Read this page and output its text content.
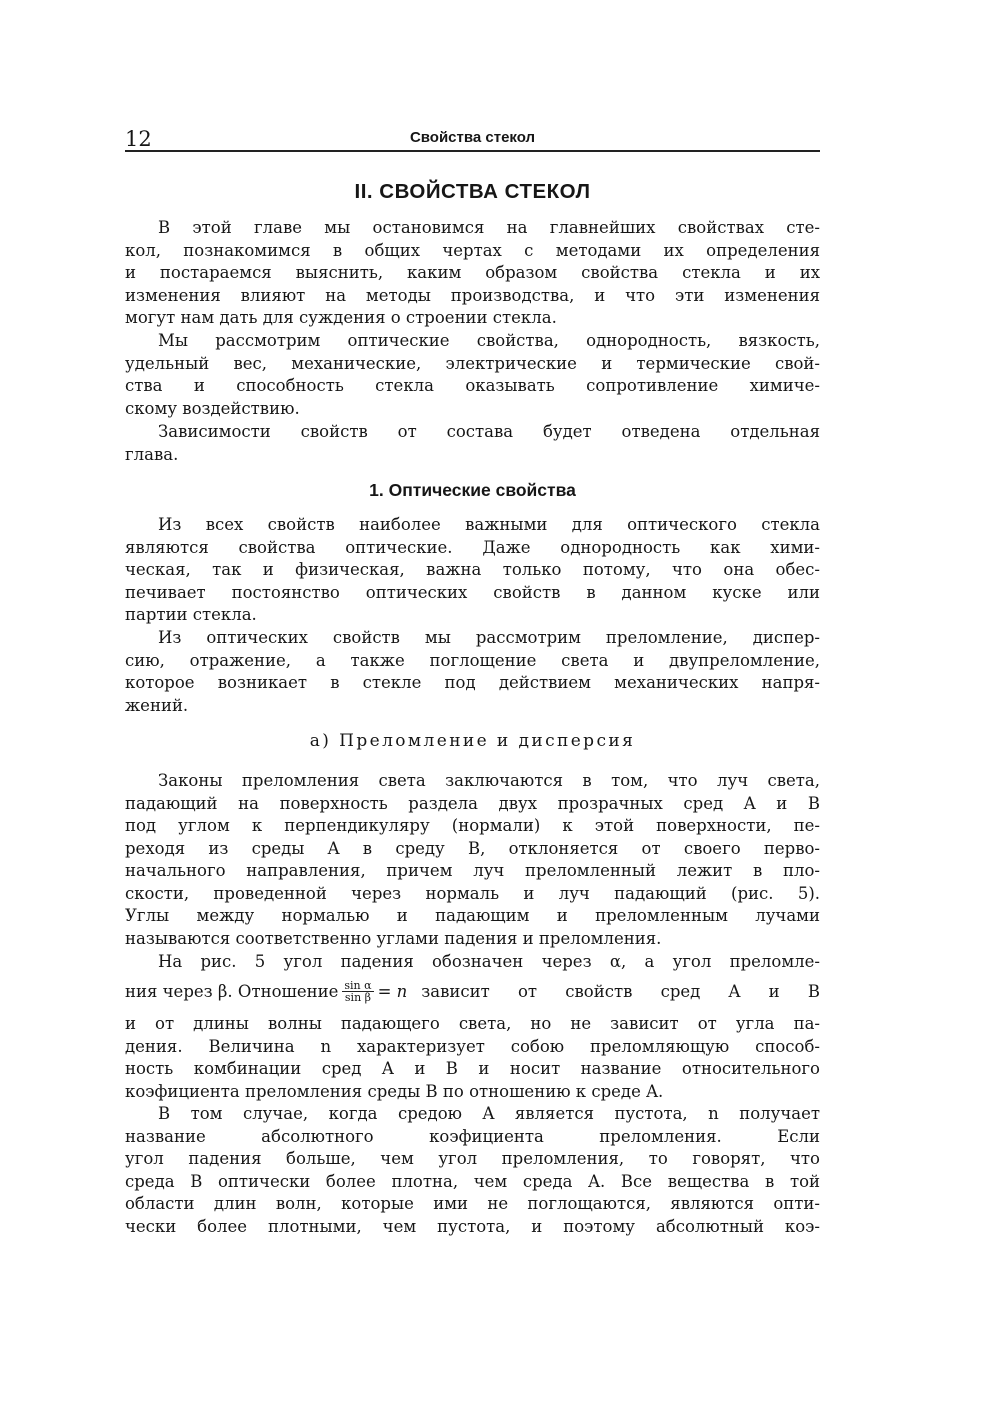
12	Свойства стекол
II. СВОЙСТВА СТЕКОЛ
В этой главе мы остановимся на главнейших свойствах сте-
кол, познакомимся в общих чертах с методами их определения
и постараемся выяснить, каким образом свойства стекла и их
изменения влияют на методы производства, и что эти изменения
могут нам дать для суждения о строении стекла.
Мы рассмотрим оптические свойства, однородность, вязкость,
удельный вес, механические, электрические и термические свой-
ства и способность стекла оказывать сопротивление химиче-
скому воздействию.
Зависимости свойств от состава будет отведена отдельная
глава.
1. Оптические свойства
Из всех свойств наиболее важными для оптического стекла
являются свойства оптические. Даже однородность как хими-
ческая, так и физическая, важна только потому, что она обес-
печивает постоянство оптических свойств в данном куске или
партии стекла.
Из оптических свойств мы рассмотрим преломление, диспер-
сию, отражение, а также поглощение света и двупреломление,
которое возникает в стекле под действием механических напря-
жений.
а) Преломление и дисперсия
Законы преломления света заключаются в том, что луч света,
падающий на поверхность раздела двух прозрачных сред A и B
под углом к перпендикуляру (нормали) к этой поверхности, пе-
реходя из среды A в среду B, отклоняется от своего перво-
начального направления, причем луч преломленный лежит в пло-
скости, проведенной через нормаль и луч падающий (рис. 5).
Углы между нормалью и падающим и преломленным лучами
называются соответственно углами падения и преломления.
На рис. 5 угол падения обозначен через α, а угол преломле-
ния через β. Отношение $\frac{\text{sin α}}{\text{sin β}} = n$ зависит от свойств сред A и B
и от длины волны падающего света, но не зависит от угла па-
дения. Величина n характеризует собою преломляющую способ-
ность комбинации сред A и B и носит название относительного
коэфициента преломления среды B по отношению к среде A.
В том случае, когда средою A является пустота, n получает
название абсолютного коэфициента преломления. Если
угол падения больше, чем угол преломления, то говорят, что
среда B оптически более плотна, чем среда A. Все вещества в той
области длин волн, которые ими не поглощаются, являются опти-
чески более плотными, чем пустота, и поэтому абсолютный коэ-
